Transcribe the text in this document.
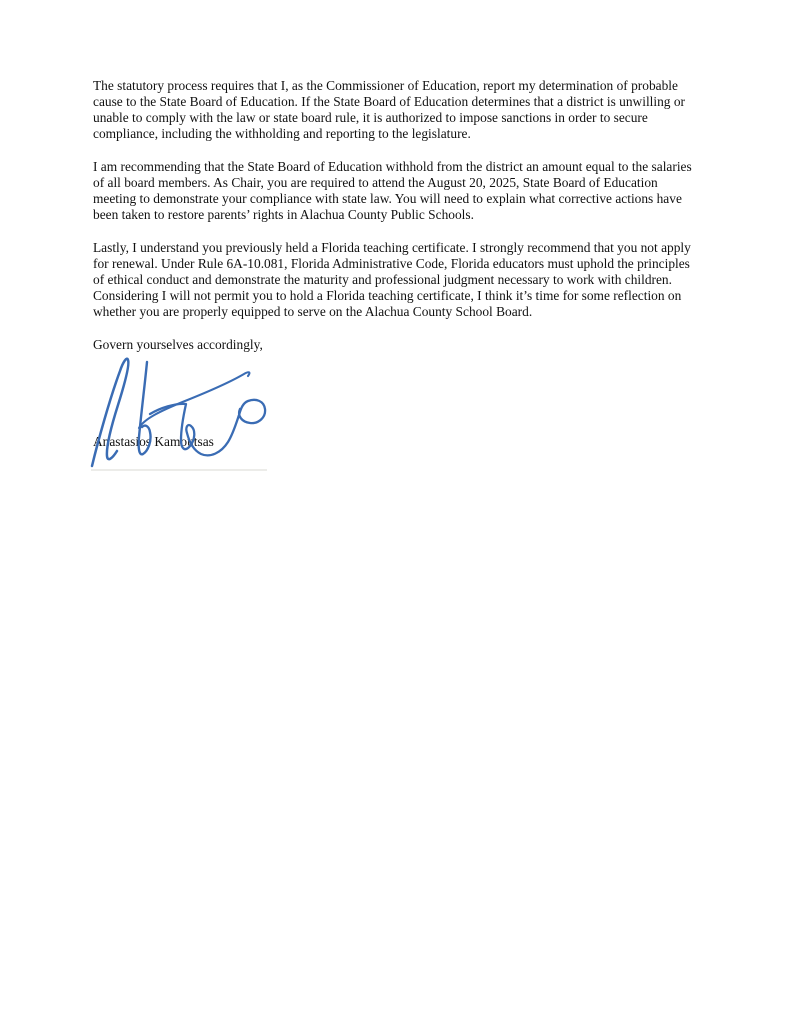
The statutory process requires that I, as the Commissioner of Education, report my determination of probable cause to the State Board of Education. If the State Board of Education determines that a district is unwilling or unable to comply with the law or state board rule, it is authorized to impose sanctions in order to secure compliance, including the withholding and reporting to the legislature.

I am recommending that the State Board of Education withhold from the district an amount equal to the salaries of all board members. As Chair, you are required to attend the August 20, 2025, State Board of Education meeting to demonstrate your compliance with state law. You will need to explain what corrective actions have been taken to restore parents’ rights in Alachua County Public Schools.

Lastly, I understand you previously held a Florida teaching certificate. I strongly recommend that you not apply for renewal. Under Rule 6A-10.081, Florida Administrative Code, Florida educators must uphold the principles of ethical conduct and demonstrate the maturity and professional judgment necessary to work with children. Considering I will not permit you to hold a Florida teaching certificate, I think it’s time for some reflection on whether you are properly equipped to serve on the Alachua County School Board.

Govern yourselves accordingly,
Anastasios Kamoutsas
